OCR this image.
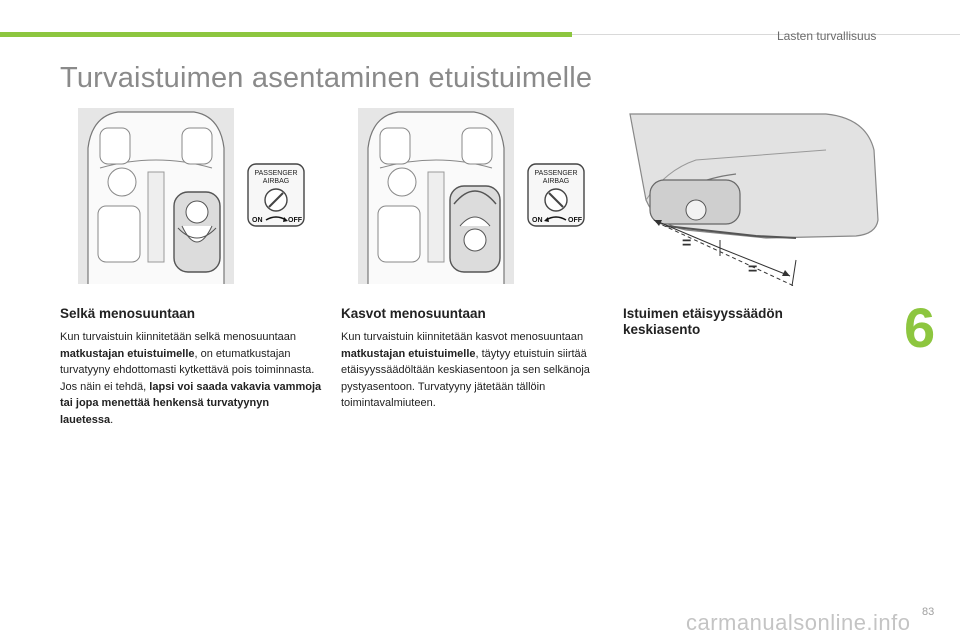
Lasten turvallisuus
Turvaistuimen asentaminen etuistuimelle
PASSENGER
AIRBAG
ON	OFF
PASSENGER
AIRBAG
ON	OFF
=
=
Selkä menosuuntaan
Kun turvaistuin kiinnitetään selkä menosuuntaan matkustajan etuistuimelle, on etumatkustajan turvatyyny ehdottomasti kytkettävä pois toiminnasta. Jos näin ei tehdä, lapsi voi saada vakavia vammoja tai jopa menettää henkensä turvatyynyn lauetessa.
Kasvot menosuuntaan
Kun turvaistuin kiinnitetään kasvot menosuuntaan matkustajan etuistuimelle, täytyy etuistuin siirtää etäisyyssäädöltään keskiasentoon ja sen selkänoja pystyasentoon. Turvatyyny jätetään tällöin toimintavalmiuteen.
Istuimen etäisyyssäädön keskiasento	6
83
carmanualsonline.info
